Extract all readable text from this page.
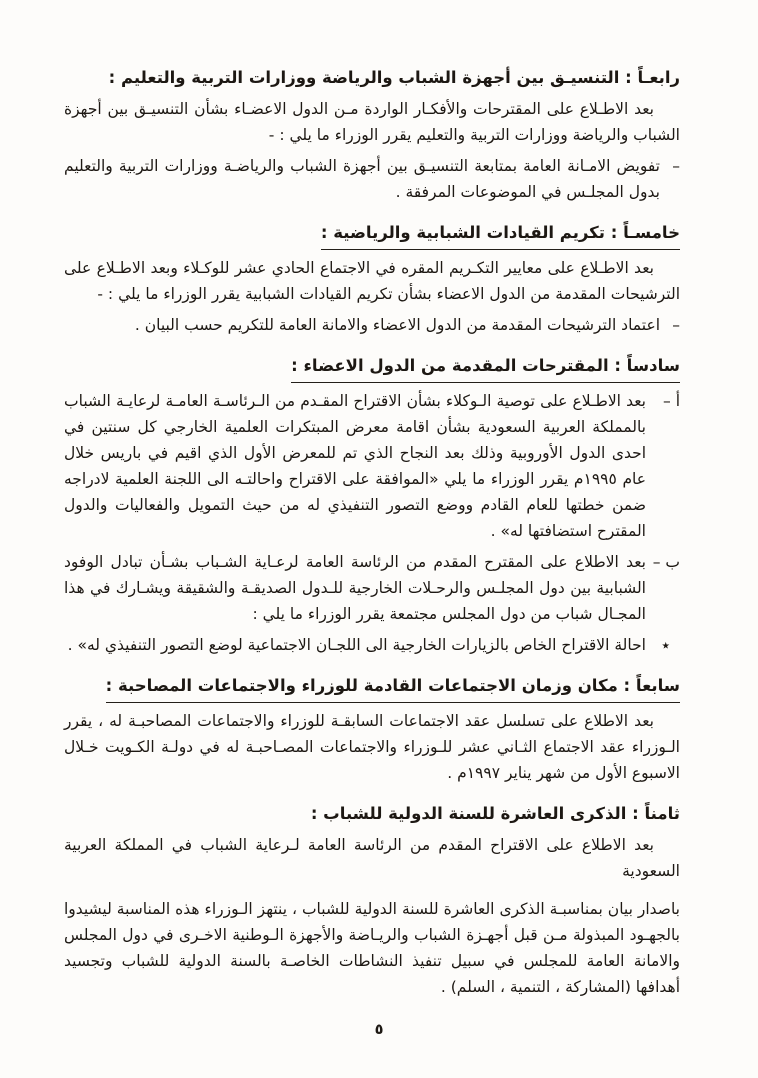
رابعـاً : التنسيـق بين أجهزة الشباب والرياضة ووزارات التربية والتعليم :

بعد الاطـلاع على المقترحات والأفكـار الواردة مـن الدول الاعضـاء بشأن التنسيـق بين أجهزة الشباب والرياضة ووزارات التربية والتعليم يقرر الوزراء ما يلي : -

–

تفويض الامـانة العامة بمتابعة التنسيـق بين أجهزة الشباب والرياضـة ووزارات التربية والتعليم بدول المجلـس في الموضوعات المرفقة .

خامسـاً : تكريم القيادات الشبابية والرياضية :

بعد الاطـلاع على معايير التكـريم المقره في الاجتماع الحادي عشر للوكـلاء وبعد الاطـلاع على الترشيحات المقدمة من الدول الاعضاء بشأن تكريم القيادات الشبابية يقرر الوزراء ما يلي : -

–

اعتماد الترشيحات المقدمة من الدول الاعضاء والامانة العامة للتكريم حسب البيان .

سادساً : المقترحات المقدمة من الدول الاعضاء :
أ –

بعد الاطـلاع على توصية الـوكلاء بشأن الاقتراح المقـدم من الـرئاسـة العامـة لرعايـة الشباب بالمملكة العربية السعودية بشأن اقامة معرض المبتكرات العلمية الخارجي كل سنتين في احدى الدول الأوروبية وذلك بعد النجاح الذي تم للمعرض الأول الذي اقيم في باريس خلال عام ١٩٩٥م يقرر الوزراء ما يلي «الموافقة على الاقتراح واحالتـه الى اللجنة العلمية لادراجه ضمن خطتها للعام القادم ووضع التصور التنفيذي له من حيث التمويل والفعاليات والدول المقترح استضافتها له» .

ب –

بعد الاطلاع على المقترح المقدم من الرئاسة العامة لرعـاية الشـباب بشـأن تبادل الوفود الشبابية بين دول المجلـس والرحـلات الخارجية للـدول الصديقـة والشقيقة ويشـارك في هذا المجـال شباب من دول المجلس مجتمعة يقرر الوزراء ما يلي :

٭

احالة الاقتراح الخاص بالزيارات الخارجية الى اللجـان الاجتماعية لوضع التصور التنفيذي له» .

سابعاً : مكان وزمان الاجتماعات القادمة للوزراء والاجتماعات المصاحبة :

بعد الاطلاع على تسلسل عقد الاجتماعات السابقـة للوزراء والاجتماعات المصاحبـة له ، يقرر الـوزراء عقد الاجتماع الثـاني عشر للـوزراء والاجتماعات المصـاحبـة له في دولـة الكـويت خـلال الاسبوع الأول من شهر يناير ١٩٩٧م .

ثامناً : الذكرى العاشرة للسنة الدولية للشباب :

بعد الاطلاع على الاقتراح المقدم من الرئاسة العامة لـرعاية الشباب في المملكة العربية السعودية

باصدار بيان بمناسبـة الذكرى العاشرة للسنة الدولية للشباب ، ينتهز الـوزراء هذه المناسبة ليشيدوا بالجهـود المبذولة مـن قبل أجهـزة الشباب والريـاضة والأجهزة الـوطنية الاخـرى في دول المجلس والامانة العامة للمجلس في سبيل تنفيذ النشاطات الخاصـة بالسنة الدولية للشباب وتجسيد أهدافها (المشاركة ، التنمية ، السلم) .

٥
